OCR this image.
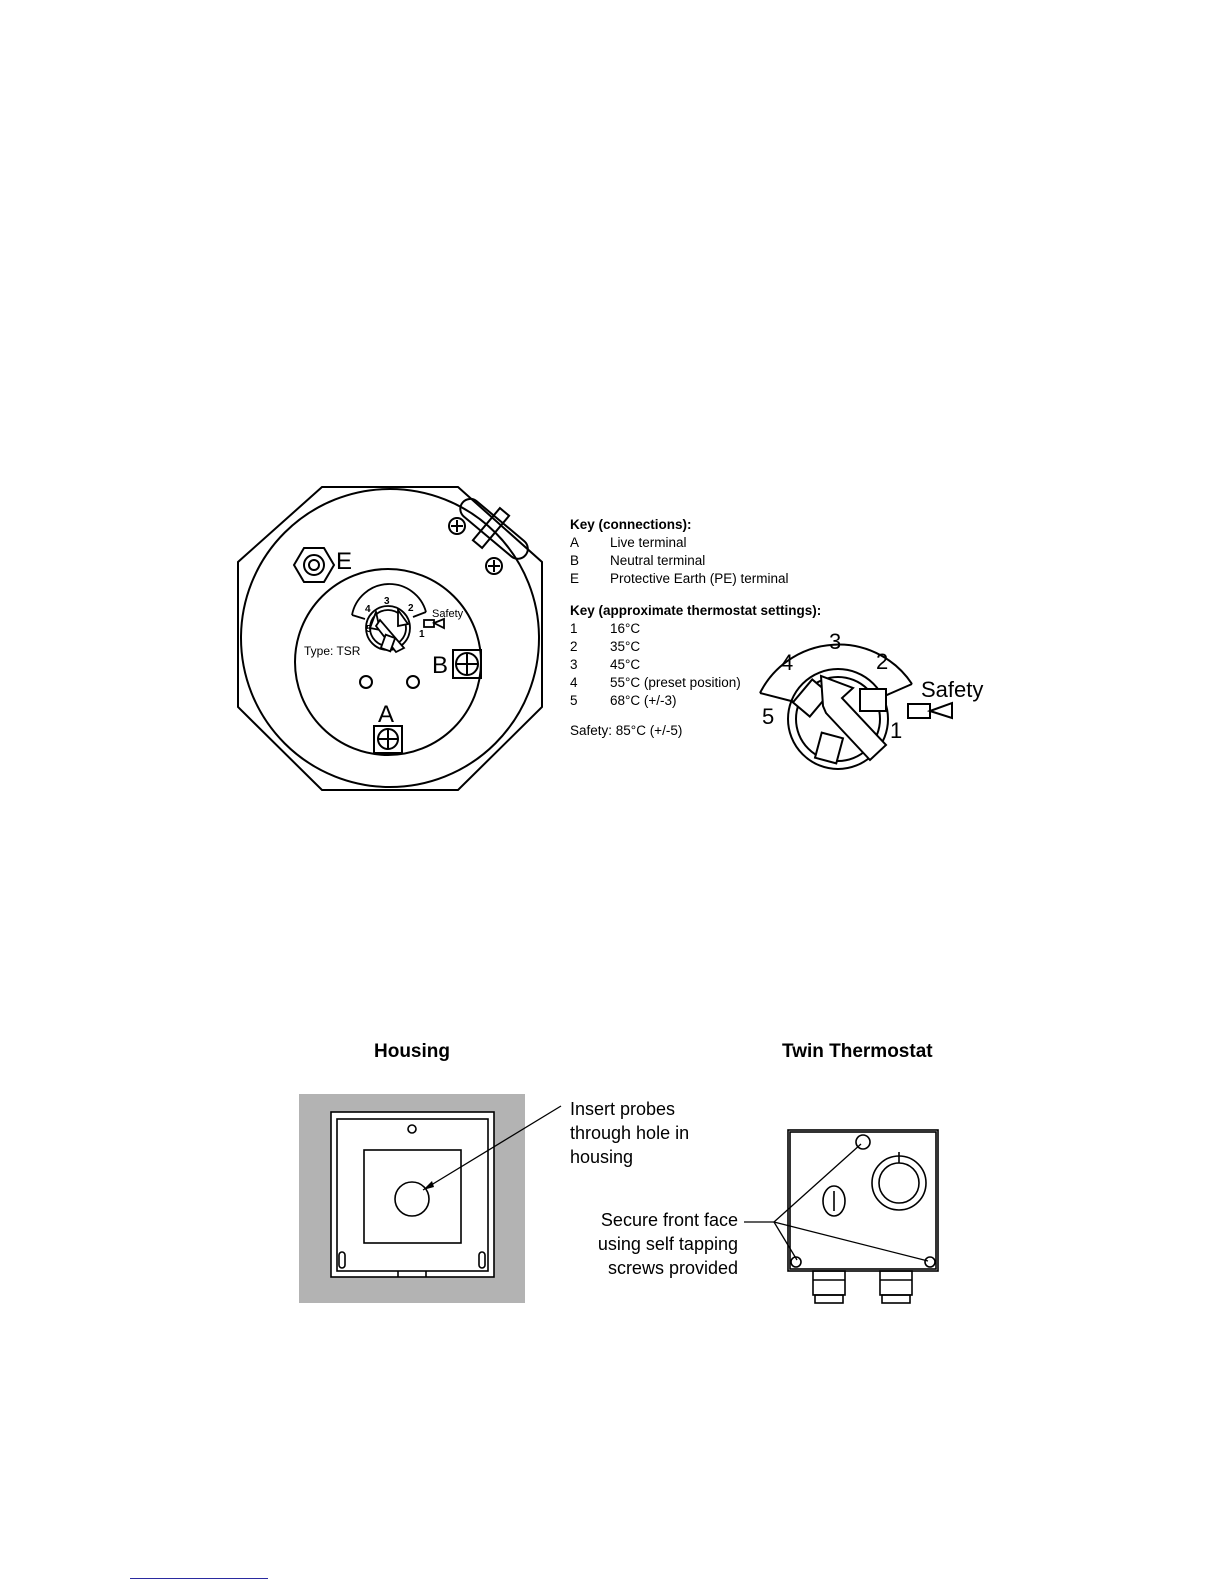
E
B
A
Type: TSR
3
4	2
5	1
Safety
3
4	2
5
1
Safety
Key (connections):
A	Live terminal
B	Neutral terminal
E	Protective Earth (PE) terminal
Key (approximate thermostat settings):
1	16°C
2	35°C
3	45°C
4	55°C (preset position)
5	68°C (+/-3)
Safety: 85°C (+/-5)
Housing	Twin Thermostat
Insert probes
through hole in
housing
Secure front face
using self tapping
screws provided
